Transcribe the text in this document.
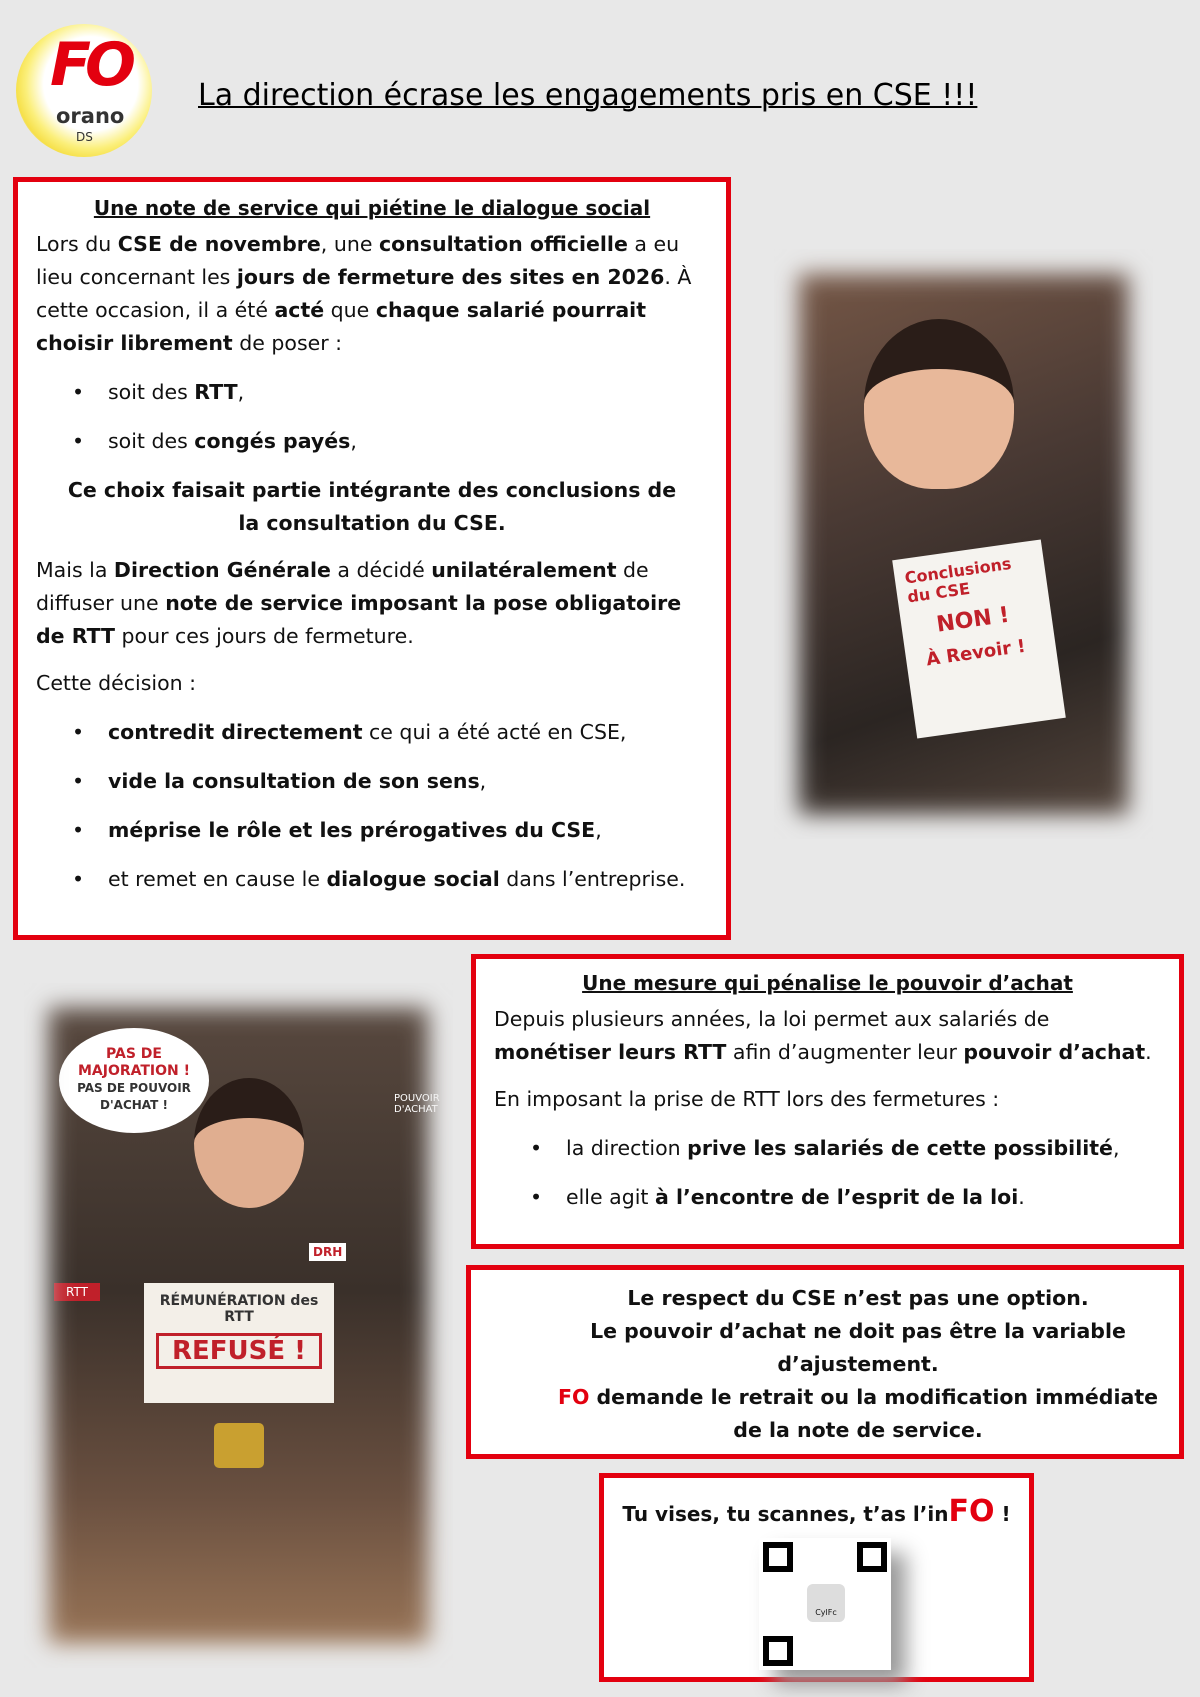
FO
orano
DS
La direction écrase les engagements pris en CSE !!!
Une note de service qui piétine le dialogue social
Lors du CSE de novembre, une consultation officielle a eu lieu concernant les jours de fermeture des sites en 2026. À cette occasion, il a été acté que chaque salarié pourrait choisir librement de poser :
• soit des RTT,
• soit des congés payés,
Ce choix faisait partie intégrante des conclusions de la consultation du CSE.
Mais la Direction Générale a décidé unilatéralement de diffuser une note de service imposant la pose obligatoire de RTT pour ces jours de fermeture.
Cette décision :
• contredit directement ce qui a été acté en CSE,
• vide la consultation de son sens,
• méprise le rôle et les prérogatives du CSE,
• et remet en cause le dialogue social dans l’entreprise.
Conclusions du CSE
NON !
À Revoir !
PAS DE MAJORATION !
PAS DE POUVOIR D'ACHAT !	POUVOIR D'ACHAT
DRH
RTT
RÉMUNÉRATION des RTT
REFUSÉ !
Une mesure qui pénalise le pouvoir d’achat
Depuis plusieurs années, la loi permet aux salariés de monétiser leurs RTT afin d’augmenter leur pouvoir d’achat.
En imposant la prise de RTT lors des fermetures :
• la direction prive les salariés de cette possibilité,
• elle agit à l’encontre de l’esprit de la loi.
Le respect du CSE n’est pas une option.
Le pouvoir d’achat ne doit pas être la variable d’ajustement.
FO demande le retrait ou la modification immédiate de la note de service.
Tu vises, tu scannes, t’as l’inFO !
CylFc
